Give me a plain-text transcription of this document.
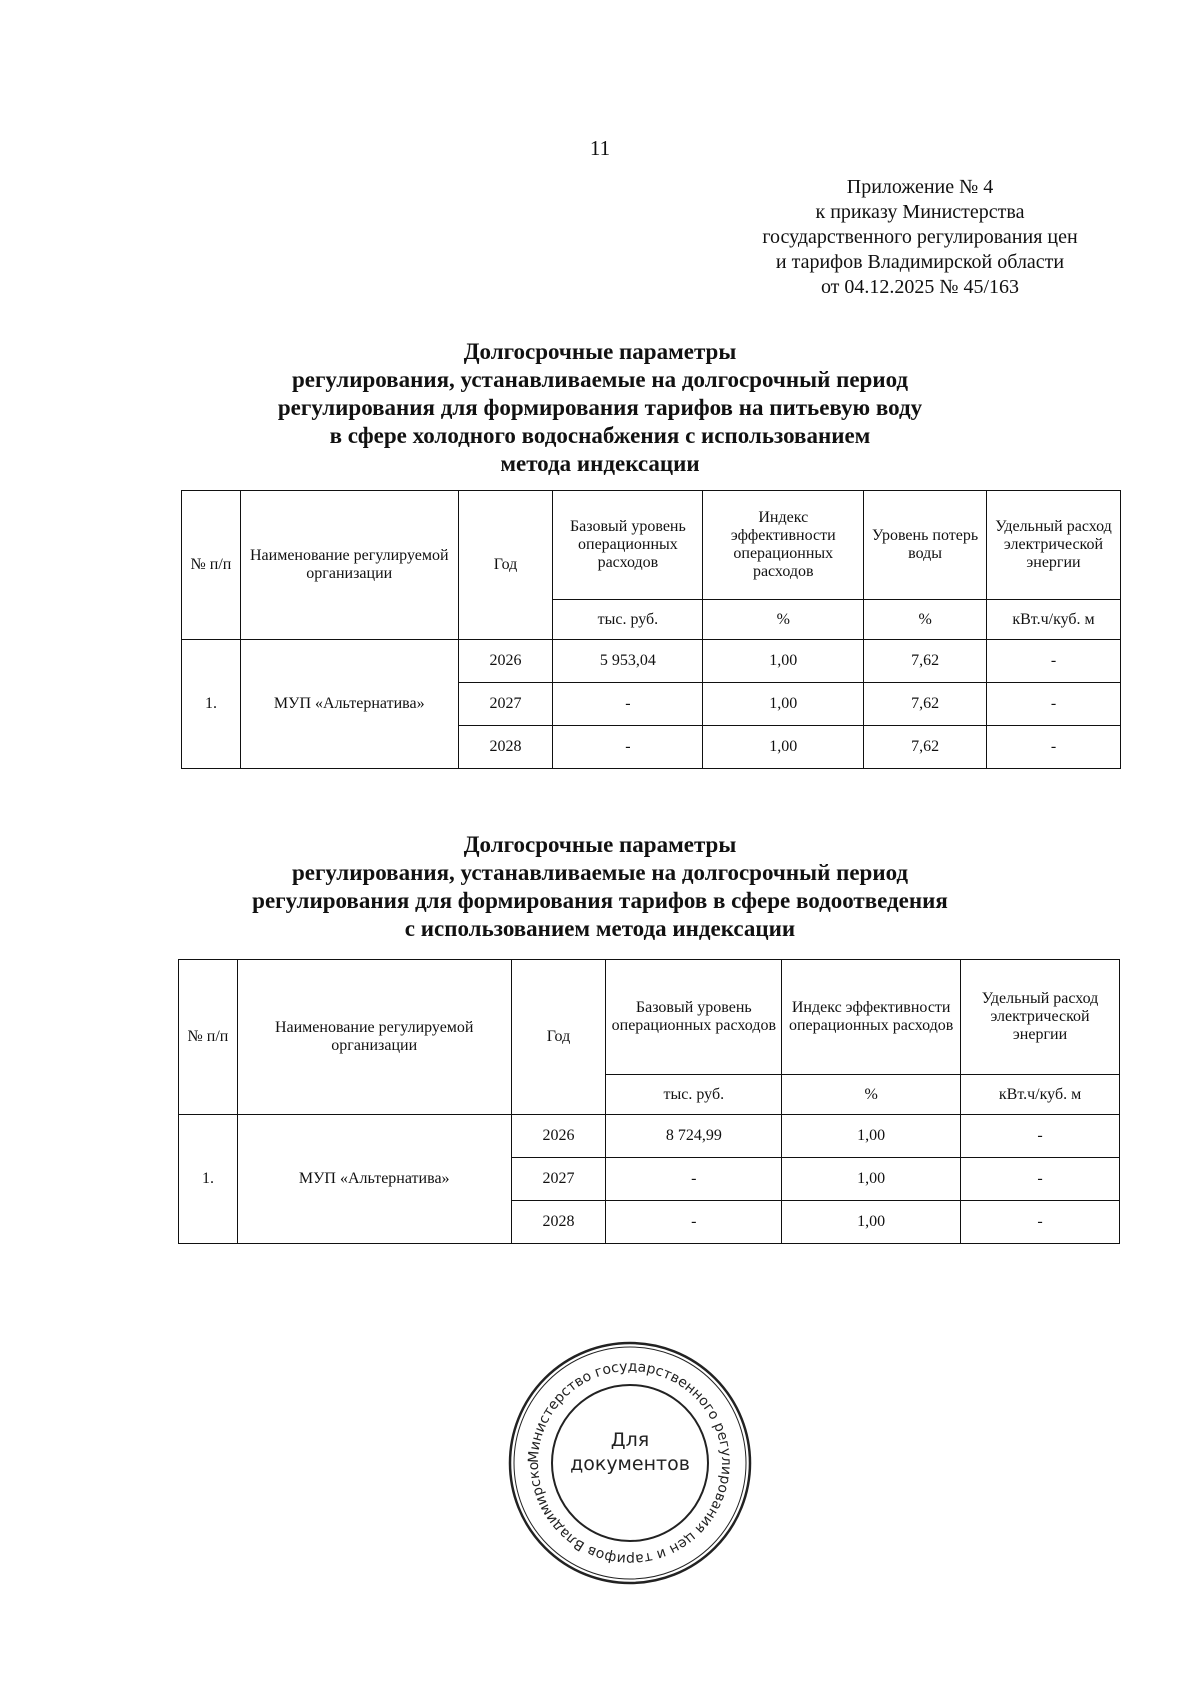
11
Приложение № 4
к приказу Министерства
государственного регулирования цен
и тарифов Владимирской области
от 04.12.2025 № 45/163
Долгосрочные параметры
регулирования, устанавливаемые на долгосрочный период
регулирования для формирования тарифов на питьевую воду
в сфере холодного водоснабжения с использованием
метода индексации
№ п/п	Наименование регулируемой организации	Год	Базовый уровень операционных расходов	Индекс эффективности операционных расходов	Уровень потерь воды	Удельный расход электрической энергии
			тыс. руб.	%	%	кВт.ч/куб. м
1.	МУП «Альтернатива»	2026	5 953,04	1,00	7,62	-
		2027	-	1,00	7,62	-
		2028	-	1,00	7,62	-
Долгосрочные параметры
регулирования, устанавливаемые на долгосрочный период
регулирования для формирования тарифов в сфере водоотведения
с использованием метода индексации
№ п/п	Наименование регулируемой организации	Год	Базовый уровень операционных расходов	Индекс эффективности операционных расходов	Удельный расход электрической энергии
			тыс. руб.	%	кВт.ч/куб. м
1.	МУП «Альтернатива»	2026	8 724,99	1,00	-
		2027	-	1,00	-
		2028	-	1,00	-
Министерство государственного регулирования цен и тарифов Владимирско
Для
документов
